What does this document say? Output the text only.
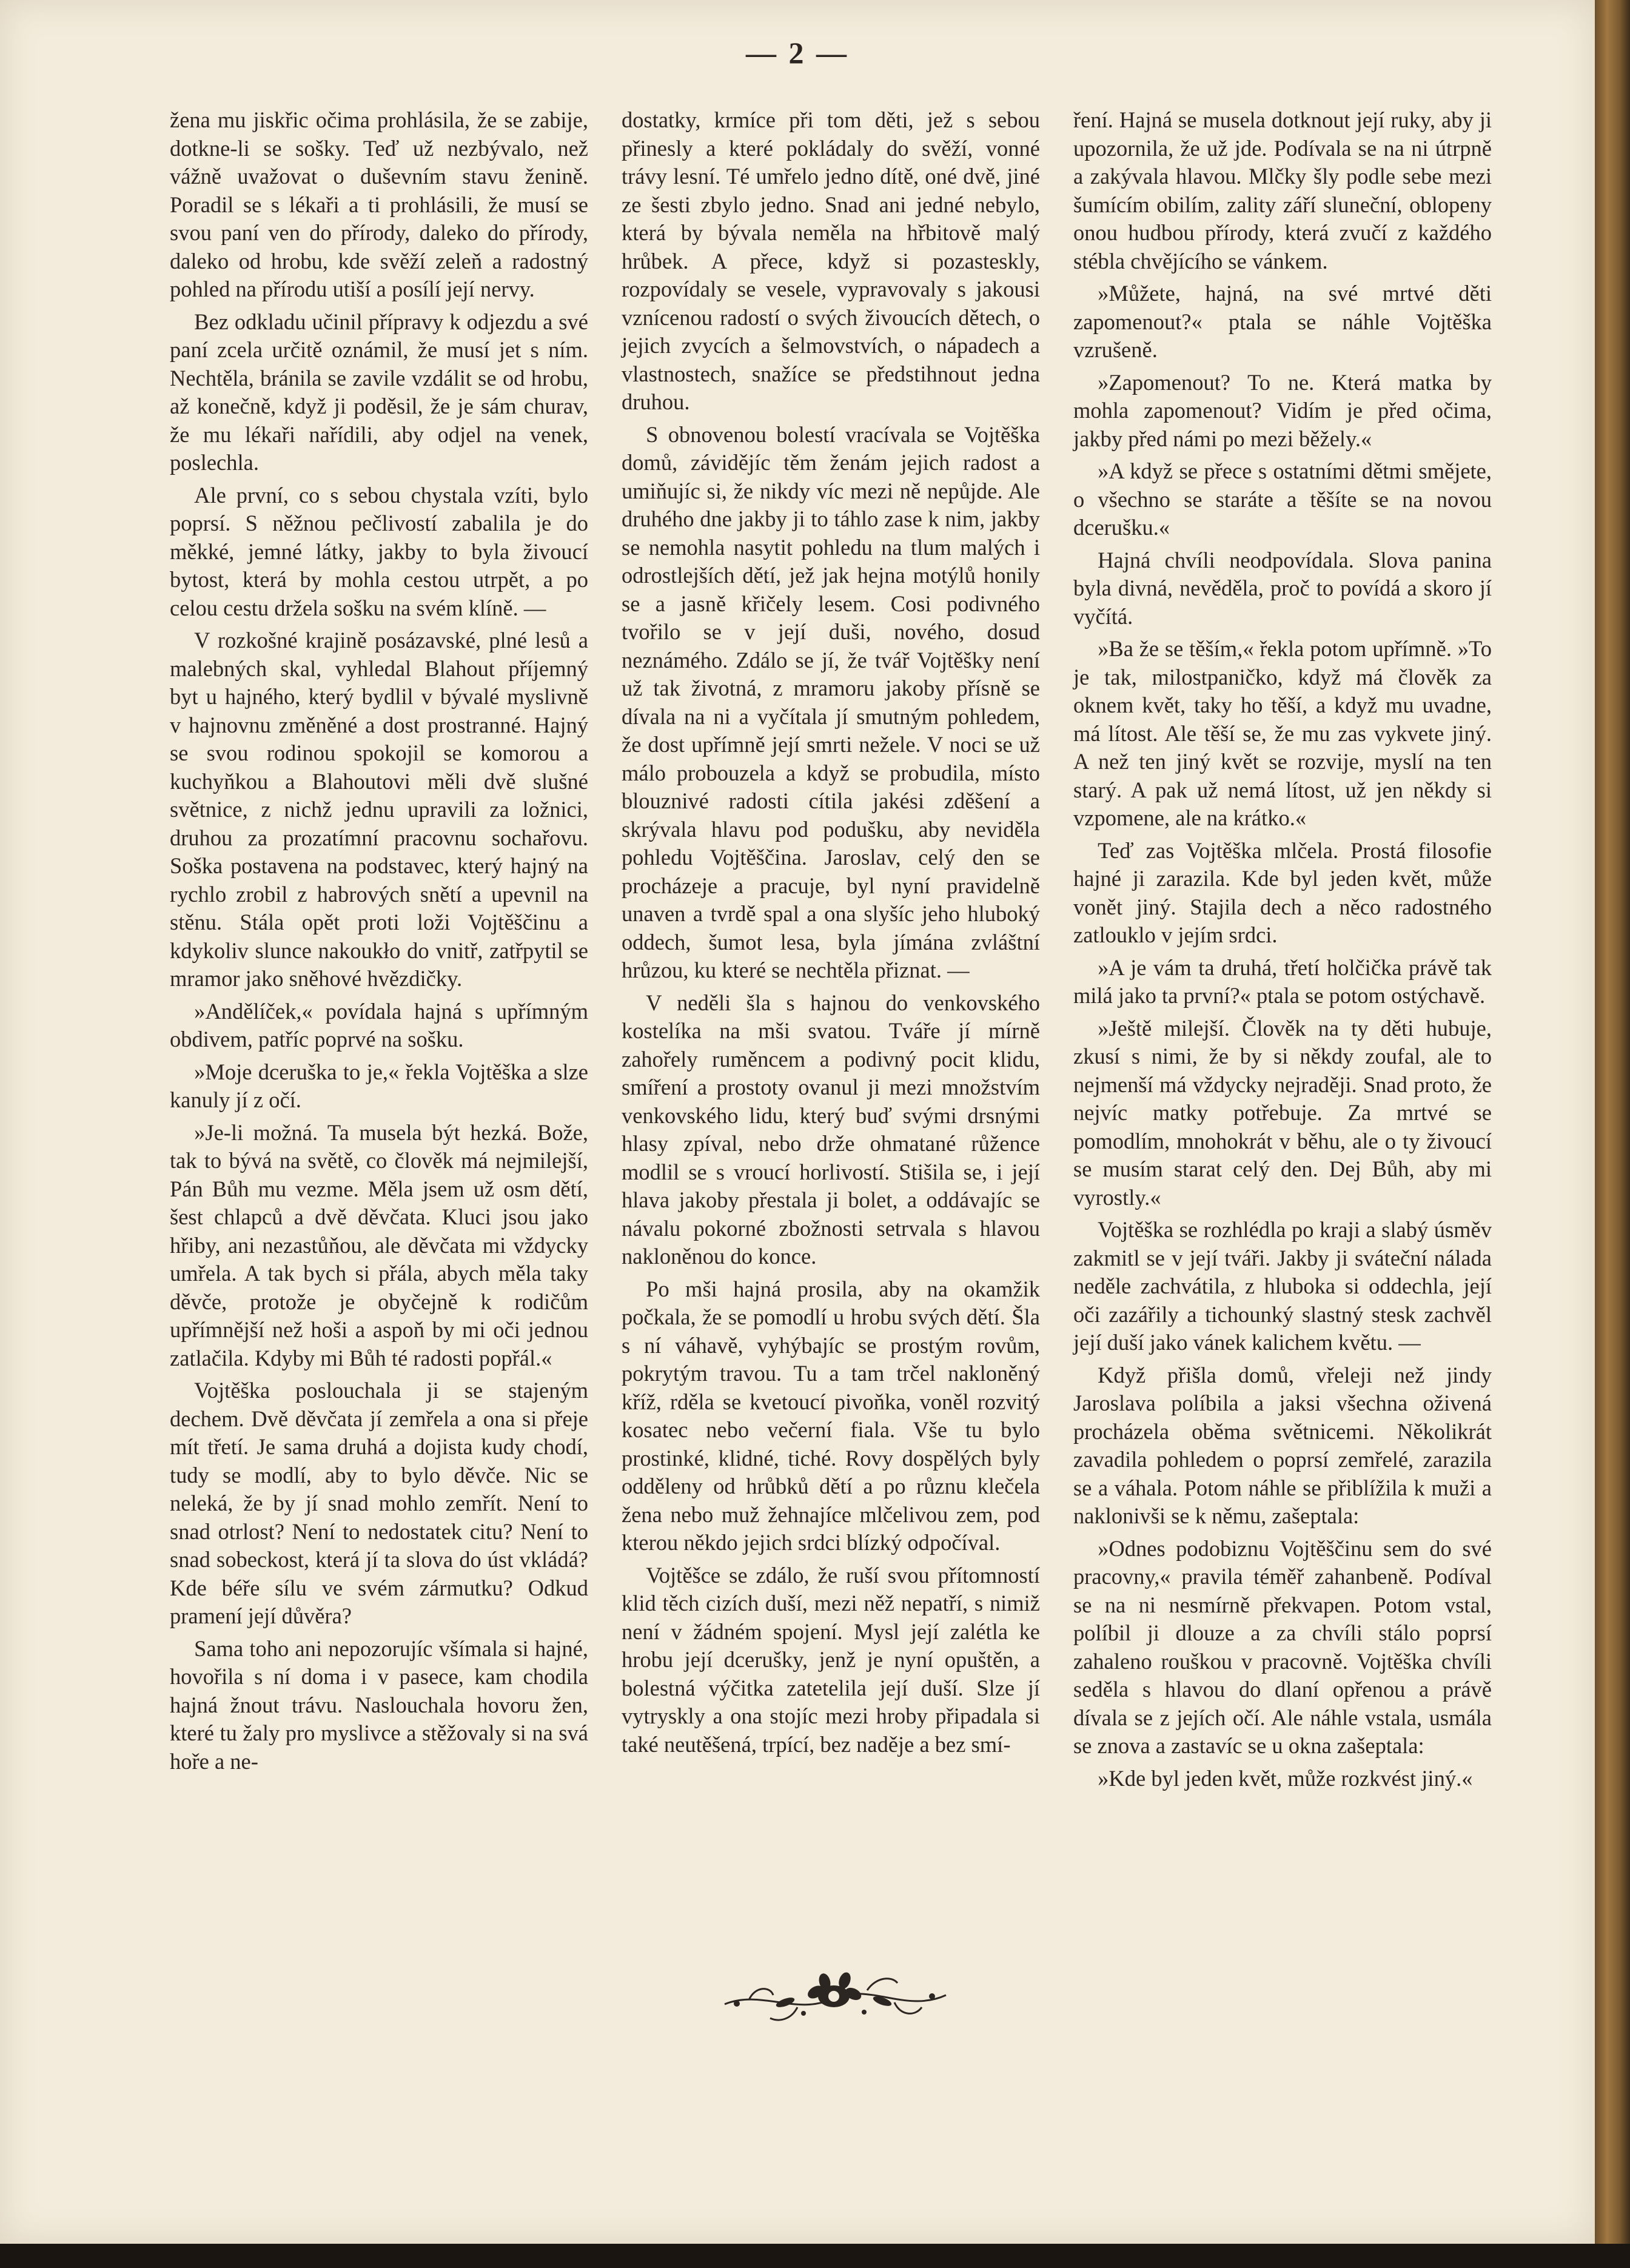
— 2 —

žena mu jiskřic očima prohlásila, že se zabije, dotkne-li se sošky. Teď už nezbývalo, než vážně uvažovat o duševním stavu ženině. Poradil se s lékaři a ti prohlásili, že musí se svou paní ven do přírody, daleko do přírody, daleko od hrobu, kde svěží zeleň a radostný pohled na přírodu utiší a posílí její nervy.

Bez odkladu učinil přípravy k odjezdu a své paní zcela určitě oznámil, že musí jet s ním. Nechtěla, bránila se zavile vzdálit se od hrobu, až konečně, když ji poděsil, že je sám churav, že mu lékaři nařídili, aby odjel na venek, poslechla.

Ale první, co s sebou chystala vzíti, bylo poprsí. S něžnou pečlivostí zabalila je do měkké, jemné látky, jakby to byla živoucí bytost, která by mohla cestou utrpět, a po celou cestu držela sošku na svém klíně. —

V rozkošné krajině posázavské, plné lesů a malebných skal, vyhledal Blahout příjemný byt u hajného, který bydlil v bývalé myslivně v hajnovnu změněné a dost prostranné. Hajný se svou rodinou spokojil se komorou a kuchyňkou a Blahoutovi měli dvě slušné světnice, z nichž jednu upravili za ložnici, druhou za prozatímní pracovnu sochařovu. Soška postavena na podstavec, který hajný na rychlo zrobil z habrových snětí a upevnil na stěnu. Stála opět proti loži Vojtěščinu a kdykoliv slunce nakoukło do vnitř, zatřpytil se mramor jako sněhové hvězdičky.

»Andělíček,« povídala hajná s upřímným obdivem, patříc poprvé na sošku.

»Moje dceruška to je,« řekla Vojtěška a slze kanuly jí z očí.

»Je-li možná. Ta musela být hezká. Bože, tak to bývá na světě, co člověk má nejmilejší, Pán Bůh mu vezme. Měla jsem už osm dětí, šest chlapců a dvě děvčata. Kluci jsou jako hřiby, ani nezastůňou, ale děvčata mi vždycky umřela. A tak bych si přála, abych měla taky děvče, protože je obyčejně k rodičům upřímnější než hoši a aspoň by mi oči jednou zatlačila. Kdyby mi Bůh té radosti popřál.«

Vojtěška poslouchala ji se stajeným dechem. Dvě děvčata jí zemřela a ona si přeje mít třetí. Je sama druhá a dojista kudy chodí, tudy se modlí, aby to bylo děvče. Nic se neleká, že by jí snad mohlo zemřít. Není to snad otrlost? Není to nedostatek citu? Není to snad sobeckost, která jí ta slova do úst vkládá? Kde béře sílu ve svém zármutku? Odkud pramení její důvěra?

Sama toho ani nepozorujíc všímala si hajné, hovořila s ní doma i v pasece, kam chodila hajná žnout trávu. Naslouchala hovoru žen, které tu žaly pro myslivce a stěžovaly si na svá hoře a ne-

dostatky, krmíce při tom děti, jež s sebou přinesly a které pokládaly do svěží, vonné trávy lesní. Té umřelo jedno dítě, oné dvě, jiné ze šesti zbylo jedno. Snad ani jedné nebylo, která by bývala neměla na hřbitově malý hrůbek. A přece, když si pozasteskly, rozpovídaly se vesele, vypravovaly s jakousi vznícenou radostí o svých živoucích dětech, o jejich zvycích a šelmovstvích, o nápadech a vlastnostech, snažíce se předstihnout jedna druhou.

S obnovenou bolestí vracívala se Vojtěška domů, závidějíc těm ženám jejich radost a umiňujíc si, že nikdy víc mezi ně nepůjde. Ale druhého dne jakby ji to táhlo zase k nim, jakby se nemohla nasytit pohledu na tlum malých i odrostlejších dětí, jež jak hejna motýlů honily se a jasně křičely lesem. Cosi podivného tvořilo se v její duši, nového, dosud neznámého. Zdálo se jí, že tvář Vojtěšky není už tak životná, z mramoru jakoby přísně se dívala na ni a vyčítala jí smutným pohledem, že dost upřímně její smrti nežele. V noci se už málo probouzela a když se probudila, místo blouznivé radosti cítila jakési zděšení a skrývala hlavu pod podušku, aby neviděla pohledu Vojtěščina. Jaroslav, celý den se procházeje a pracuje, byl nyní pravidelně unaven a tvrdě spal a ona slyšíc jeho hluboký oddech, šumot lesa, byla jímána zvláštní hrůzou, ku které se nechtěla přiznat. —

V neděli šla s hajnou do venkovského kostelíka na mši svatou. Tváře jí mírně zahořely ruměncem a podivný pocit klidu, smíření a prostoty ovanul ji mezi množstvím venkovského lidu, který buď svými drsnými hlasy zpíval, nebo drže ohmatané růžence modlil se s vroucí horlivostí. Stišila se, i její hlava jakoby přestala ji bolet, a oddávajíc se návalu pokorné zbožnosti setrvala s hlavou nakloněnou do konce.

Po mši hajná prosila, aby na okamžik počkala, že se pomodlí u hrobu svých dětí. Šla s ní váhavě, vyhýbajíc se prostým rovům, pokrytým travou. Tu a tam trčel nakloněný kříž, rděla se kvetoucí pivoňka, voněl rozvitý kosatec nebo večerní fiala. Vše tu bylo prostinké, klidné, tiché. Rovy dospělých byly odděleny od hrůbků dětí a po různu klečela žena nebo muž žehnajíce mlčelivou zem, pod kterou někdo jejich srdci blízký odpočíval.

Vojtěšce se zdálo, že ruší svou přítomností klid těch cizích duší, mezi něž nepatří, s nimiž není v žádném spojení. Mysl její zalétla ke hrobu její dcerušky, jenž je nyní opuštěn, a bolestná výčitka zatetelila její duší. Slze jí vytryskly a ona stojíc mezi hroby připadala si také neutěšená, trpící, bez naděje a bez smí-

ření. Hajná se musela dotknout její ruky, aby ji upozornila, že už jde. Podívala se na ni útrpně a zakývala hlavou. Mlčky šly podle sebe mezi šumícím obilím, zality září sluneční, oblopeny onou hudbou přírody, která zvučí z každého stébla chvějícího se vánkem.

»Můžete, hajná, na své mrtvé děti zapomenout?« ptala se náhle Vojtěška vzrušeně.

»Zapomenout? To ne. Která matka by mohla zapomenout? Vidím je před očima, jakby před námi po mezi běžely.«

»A když se přece s ostatními dětmi smějete, o všechno se staráte a těšíte se na novou dcerušku.«

Hajná chvíli neodpovídala. Slova panina byla divná, nevěděla, proč to povídá a skoro jí vyčítá.

»Ba že se těším,« řekla potom upřímně. »To je tak, milostpaničko, když má člověk za oknem květ, taky ho těší, a když mu uvadne, má lítost. Ale těší se, že mu zas vykvete jiný. A než ten jiný květ se rozvije, myslí na ten starý. A pak už nemá lítost, už jen někdy si vzpomene, ale na krátko.«

Teď zas Vojtěška mlčela. Prostá filosofie hajné ji zarazila. Kde byl jeden květ, může vonět jiný. Stajila dech a něco radostného zatlouklo v jejím srdci.

»A je vám ta druhá, třetí holčička právě tak milá jako ta první?« ptala se potom ostýchavě.

»Ještě milejší. Člověk na ty děti hubuje, zkusí s nimi, že by si někdy zoufal, ale to nejmenší má vždycky nejraději. Snad proto, že nejvíc matky potřebuje. Za mrtvé se pomodlím, mnohokrát v běhu, ale o ty živoucí se musím starat celý den. Dej Bůh, aby mi vyrostly.«

Vojtěška se rozhlédla po kraji a slabý úsměv zakmitl se v její tváři. Jakby ji sváteční nálada neděle zachvátila, z hluboka si oddechla, její oči zazářily a tichounký slastný stesk zachvěl její duší jako vánek kalichem květu. —

Když přišla domů, vřeleji než jindy Jaroslava políbila a jaksi všechna oživená procházela oběma světnicemi. Několikrát zavadila pohledem o poprsí zemřelé, zarazila se a váhala. Potom náhle se přiblížila k muži a naklonivši se k němu, zašeptala:

»Odnes podobiznu Vojtěščinu sem do své pracovny,« pravila téměř zahanbeně. Podíval se na ni nesmírně překvapen. Potom vstal, políbil ji dlouze a za chvíli stálo poprsí zahaleno rouškou v pracovně. Vojtěška chvíli seděla s hlavou do dlaní opřenou a právě dívala se z jejích očí. Ale náhle vstala, usmála se znova a zastavíc se u okna zašeptala:

»Kde byl jeden květ, může rozkvést jiný.«
